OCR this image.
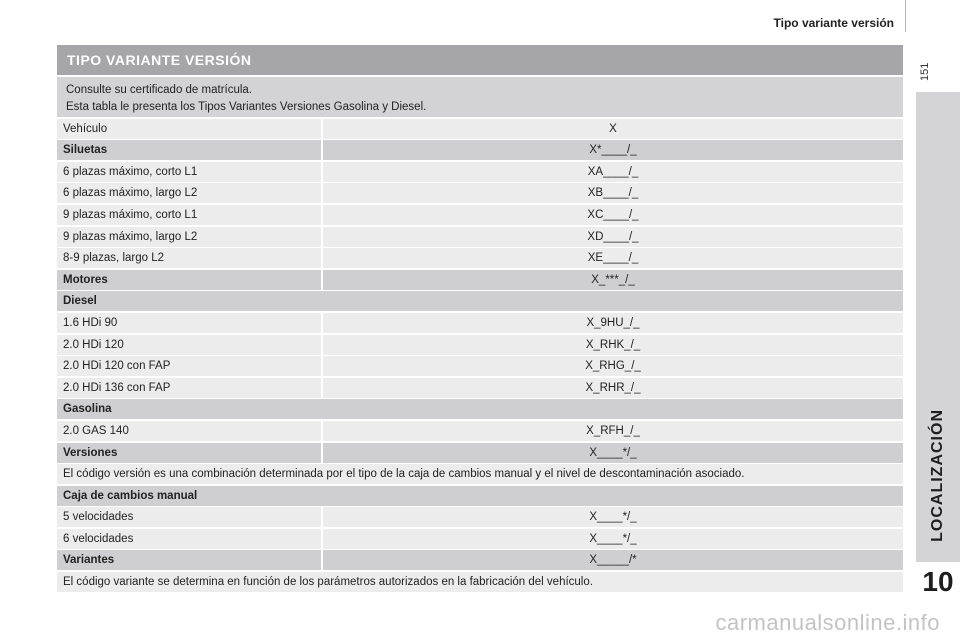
Tipo variante versión
151
LOCALIZACIÓN
10
TIPO VARIANTE VERSIÓN
Consulte su certificado de matrícula.
Esta tabla le presenta los Tipos Variantes Versiones Gasolina y Diesel.
Vehículo	X
Siluetas	X*____/_
6 plazas máximo, corto L1	XA____/_
6 plazas máximo, largo L2	XB____/_
9 plazas máximo, corto L1	XC____/_
9 plazas máximo, largo L2	XD____/_
8-9 plazas, largo L2	XE____/_
Motores	X_***_/_
Diesel
1.6 HDi 90	X_9HU_/_
2.0 HDi 120	X_RHK_/_
2.0 HDi 120 con FAP	X_RHG_/_
2.0 HDi 136 con FAP	X_RHR_/_
Gasolina
2.0 GAS 140	X_RFH_/_
Versiones	X____*/_
El código versión es una combinación determinada por el tipo de la caja de cambios manual y el nivel de descontaminación asociado.
Caja de cambios manual
5 velocidades	X____*/_
6 velocidades	X____*/_
Variantes	X_____/*
El código variante se determina en función de los parámetros autorizados en la fabricación del vehículo.
carmanualsonline.info
